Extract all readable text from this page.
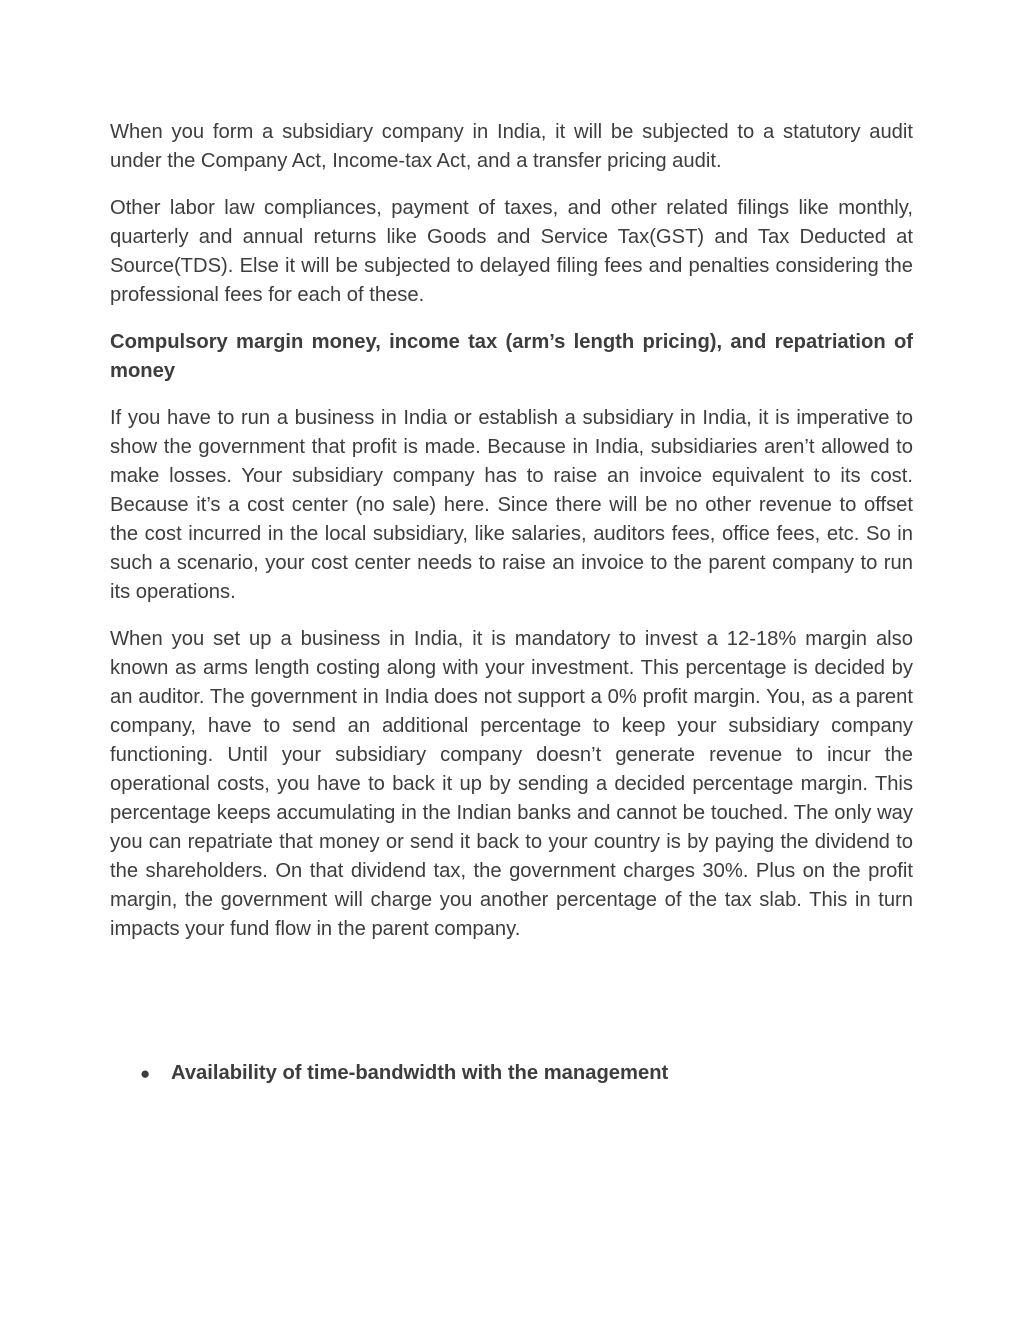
When you form a subsidiary company in India, it will be subjected to a statutory audit under the Company Act, Income-tax Act, and a transfer pricing audit.

Other labor law compliances, payment of taxes, and other related filings like monthly, quarterly and annual returns like Goods and Service Tax(GST) and Tax Deducted at Source(TDS). Else it will be subjected to delayed filing fees and penalties considering the professional fees for each of these.

Compulsory margin money, income tax (arm’s length pricing), and repatriation of money

If you have to run a business in India or establish a subsidiary in India, it is imperative to show the government that profit is made. Because in India, subsidiaries aren’t allowed to make losses. Your subsidiary company has to raise an invoice equivalent to its cost. Because it’s a cost center (no sale) here. Since there will be no other revenue to offset the cost incurred in the local subsidiary, like salaries, auditors fees, office fees, etc. So in such a scenario, your cost center needs to raise an invoice to the parent company to run its operations.

When you set up a business in India, it is mandatory to invest a 12-18% margin also known as arms length costing along with your investment. This percentage is decided by an auditor. The government in India does not support a 0% profit margin. You, as a parent company, have to send an additional percentage to keep your subsidiary company functioning. Until your subsidiary company doesn’t generate revenue to incur the operational costs, you have to back it up by sending a decided percentage margin. This percentage keeps accumulating in the Indian banks and cannot be touched. The only way you can repatriate that money or send it back to your country is by paying the dividend to the shareholders. On that dividend tax, the government charges 30%. Plus on the profit margin, the government will charge you another percentage of the tax slab. This in turn impacts your fund flow in the parent company.

●	Availability of time-bandwidth with the management
